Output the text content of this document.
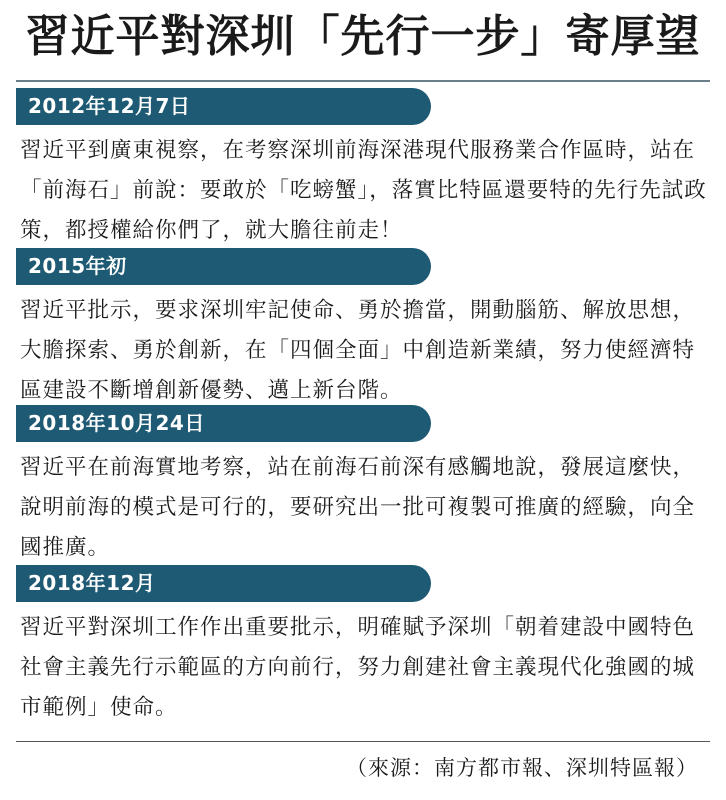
習近平對深圳「先行一步」寄厚望
2012年12月7日
習近平到廣東視察，在考察深圳前海深港現代服務業合作區時，站在「前海石」前說：要敢於「吃螃蟹」，落實比特區還要特的先行先試政策，都授權給你們了，就大膽往前走！
2015年初
習近平批示，要求深圳牢記使命、勇於擔當，開動腦筋、解放思想，大膽探索、勇於創新，在「四個全面」中創造新業績，努力使經濟特區建設不斷增創新優勢、邁上新台階。
2018年10月24日
習近平在前海實地考察，站在前海石前深有感觸地說，發展這麼快，說明前海的模式是可行的，要研究出一批可複製可推廣的經驗，向全國推廣。
2018年12月
習近平對深圳工作作出重要批示，明確賦予深圳「朝着建設中國特色社會主義先行示範區的方向前行，努力創建社會主義現代化強國的城市範例」使命。
（來源：南方都市報、深圳特區報）
